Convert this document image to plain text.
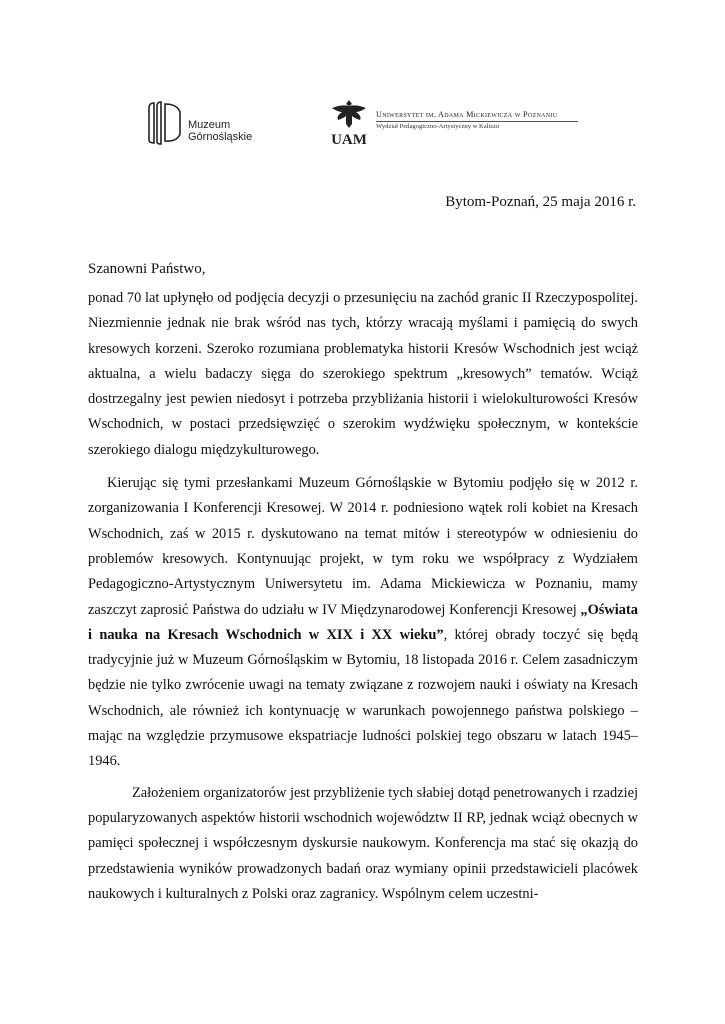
Muzeum
Górnośląskie	UAM
Uniwersytet im. Adama Mickiewicza w Poznaniu
Wydział Pedagogiczno-Artystyczny w Kaliszu
Bytom-Poznań, 25 maja 2016 r.
Szanowni Państwo,

ponad 70 lat upłynęło od podjęcia decyzji o przesunięciu na zachód granic II Rzeczypospolitej. Niezmiennie jednak nie brak wśród nas tych, którzy wracają myślami i pamięcią do swych kresowych korzeni. Szeroko rozumiana problematyka historii Kresów Wschodnich jest wciąż aktualna, a wielu badaczy sięga do szerokiego spektrum „kresowych” tematów. Wciąż dostrzegalny jest pewien niedosyt i potrzeba przybliżania historii i wielokulturowości Kresów Wschodnich, w postaci przedsięwzięć o szerokim wydźwięku społecznym, w kontekście szerokiego dialogu międzykulturowego.

Kierując się tymi przesłankami Muzeum Górnośląskie w Bytomiu podjęło się w 2012 r. zorganizowania I Konferencji Kresowej. W 2014 r. podniesiono wątek roli kobiet na Kresach Wschodnich, zaś w 2015 r. dyskutowano na temat mitów i stereotypów w odniesieniu do problemów kresowych. Kontynuując projekt, w tym roku we współpracy z Wydziałem Pedagogiczno-Artystycznym Uniwersytetu im. Adama Mickiewicza w Poznaniu, mamy zaszczyt zaprosić Państwa do udziału w IV Międzynarodowej Konferencji Kresowej „Oświata i nauka na Kresach Wschodnich w XIX i XX wieku”, której obrady toczyć się będą tradycyjnie już w Muzeum Górnośląskim w Bytomiu, 18 listopada 2016 r. Celem zasadniczym będzie nie tylko zwrócenie uwagi na tematy związane z rozwojem nauki i oświaty na Kresach Wschodnich, ale również ich kontynuację w warunkach powojennego państwa polskiego – mając na względzie przymusowe ekspatriacje ludności polskiej tego obszaru w latach 1945–1946.

Założeniem organizatorów jest przybliżenie tych słabiej dotąd penetrowanych i rzadziej popularyzowanych aspektów historii wschodnich województw II RP, jednak wciąż obecnych w pamięci społecznej i współczesnym dyskursie naukowym. Konferencja ma stać się okazją do przedstawienia wyników prowadzonych badań oraz wymiany opinii przedstawicieli placówek naukowych i kulturalnych z Polski oraz zagranicy. Wspólnym celem uczestni-
